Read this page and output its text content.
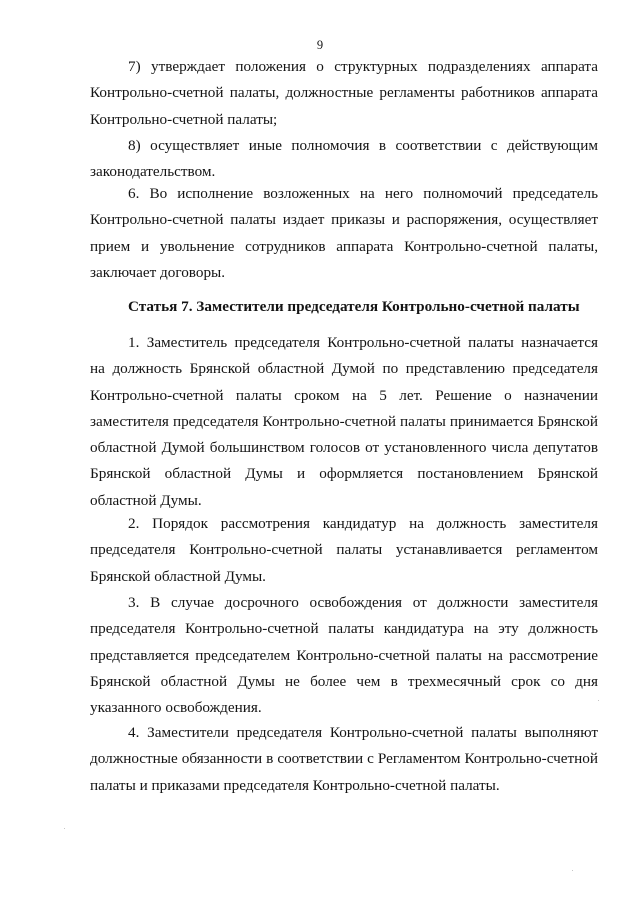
9

7) утверждает положения о структурных подразделениях аппарата Контрольно-счетной палаты, должностные регламенты работников аппарата Контрольно-счетной палаты;

8) осуществляет иные полномочия в соответствии с действующим законодательством.

6. Во исполнение возложенных на него полномочий председатель Контрольно-счетной палаты издает приказы и распоряжения, осуществляет прием и увольнение сотрудников аппарата Контрольно-счетной палаты, заключает договоры.

Статья 7. Заместители председателя Контрольно-счетной палаты

1. Заместитель председателя Контрольно-счетной палаты назначается на должность Брянской областной Думой по представлению председателя Контрольно-счетной палаты сроком на 5 лет. Решение о назначении заместителя председателя Контрольно-счетной палаты принимается Брянской областной Думой большинством голосов от установленного числа депутатов Брянской областной Думы и оформляется постановлением Брянской областной Думы.

2. Порядок рассмотрения кандидатур на должность заместителя председателя Контрольно-счетной палаты устанавливается регламентом Брянской областной Думы.

3. В случае досрочного освобождения от должности заместителя председателя Контрольно-счетной палаты кандидатура на эту должность представляется председателем Контрольно-счетной палаты на рассмотрение Брянской областной Думы не более чем в трехмесячный срок со дня указанного освобождения.

4. Заместители председателя Контрольно-счетной палаты выполняют должностные обязанности в соответствии с Регламентом Контрольно-счетной палаты и приказами председателя Контрольно-счетной палаты.
